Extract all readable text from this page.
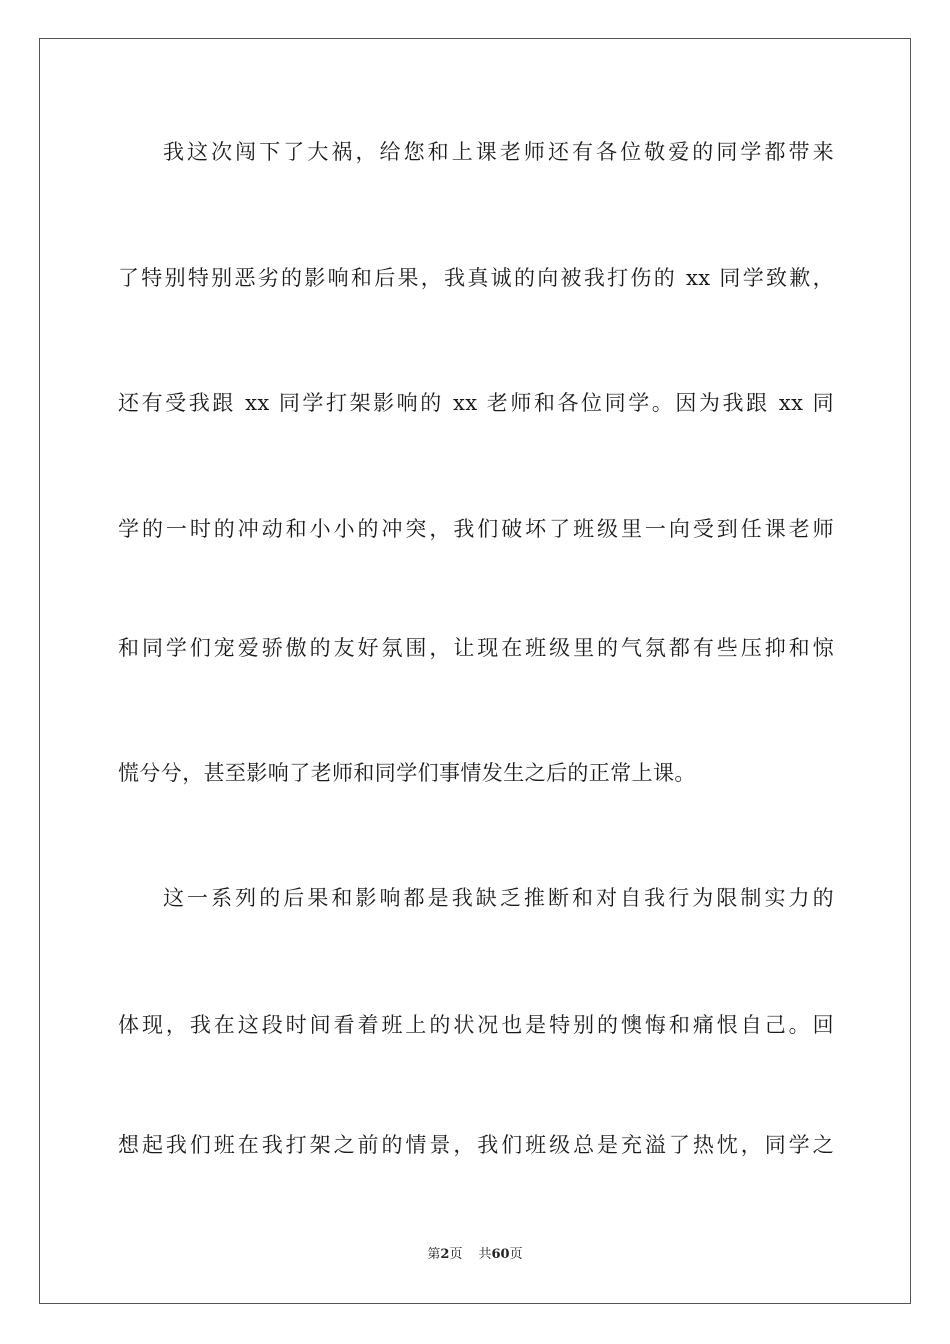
我这次闯下了大祸，给您和上课老师还有各位敬爱的同学都带来
了特别特别恶劣的影响和后果，我真诚的向被我打伤的 xx 同学致歉，
还有受我跟 xx 同学打架影响的 xx 老师和各位同学。因为我跟 xx 同
学的一时的冲动和小小的冲突，我们破坏了班级里一向受到任课老师
和同学们宠爱骄傲的友好氛围，让现在班级里的气氛都有些压抑和惊
慌兮兮，甚至影响了老师和同学们事情发生之后的正常上课。
这一系列的后果和影响都是我缺乏推断和对自我行为限制实力的
体现，我在这段时间看着班上的状况也是特别的懊悔和痛恨自己。回
想起我们班在我打架之前的情景，我们班级总是充溢了热忱，同学之
第2页 共60页
